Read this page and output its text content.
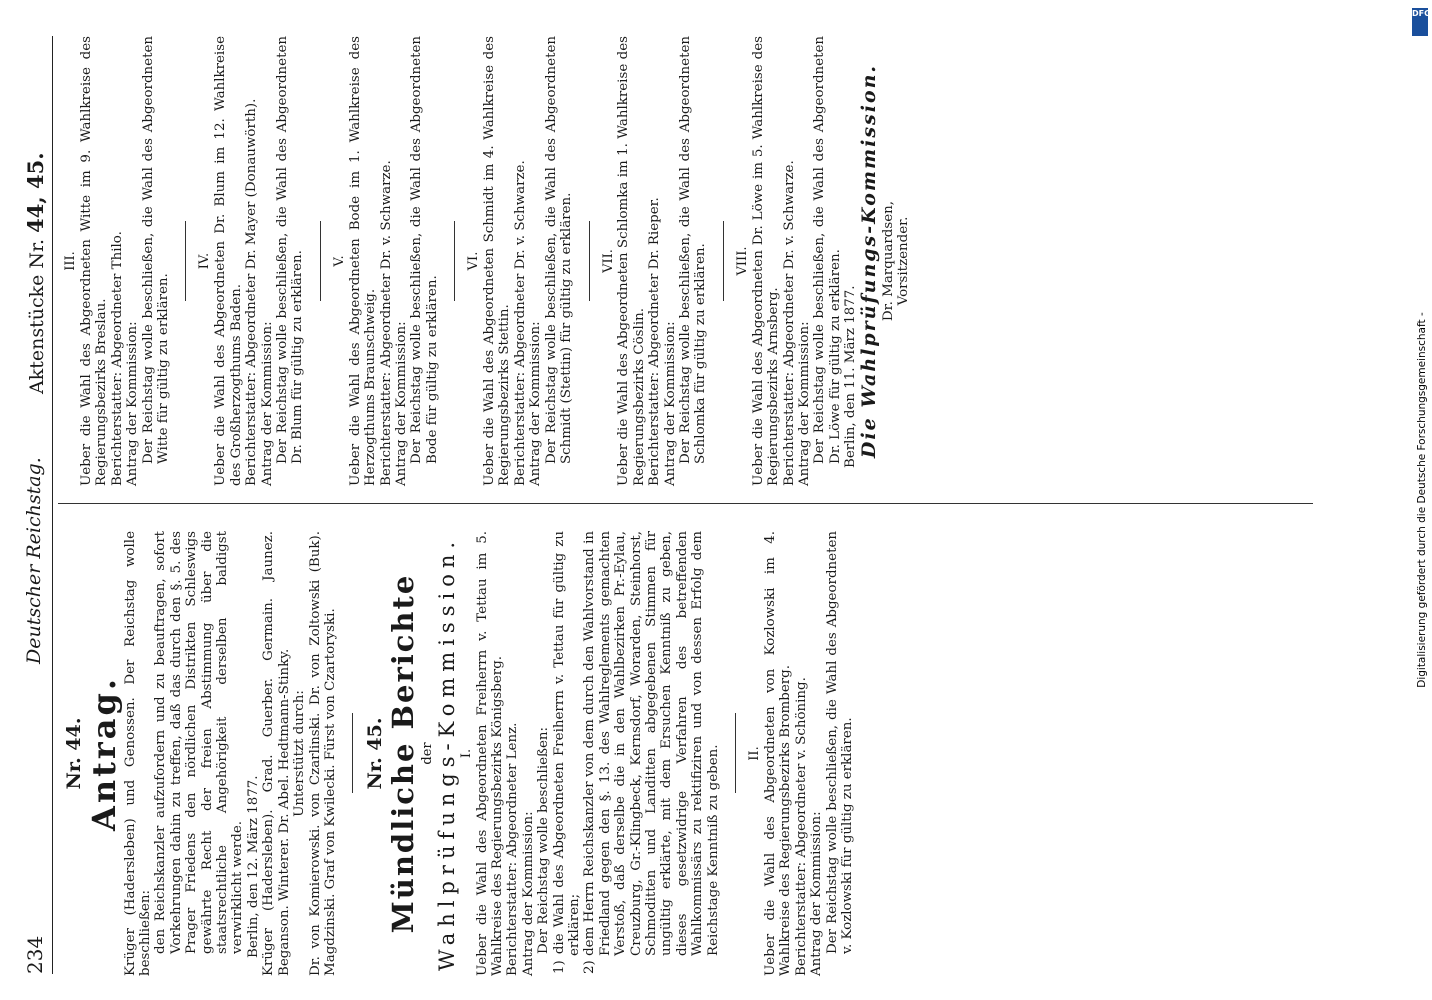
234
Deutscher Reichstag.
Aktenstücke Nr. 44, 45.

Nr. 44. Antrag. Krüger (Hadersleben) und Genossen. Der Reichstag wolle beschließen: den Reichskanzler aufzufordern und zu beauftragen, sofort Vorkehrungen dahin zu treffen, daß das durch den §. 5. des Prager Friedens den nördlichen Distrikten Schleswigs gewährte Recht der freien Abstimmung über die staatsrechtliche Angehörigkeit derselben baldigst verwirklicht werde. Berlin, den 12. März 1877. Krüger (Hadersleben). Grad. Guerber. Germain. Jaunez. Beganson. Winterer. Dr. Abel. Hedtmann-Stinky. Unterstützt durch: Dr. von Komierowski. von Czarlinski. Dr. von Zoltowski (Buk). Magdzinski. Graf von Kwilecki. Fürst von Czartoryski. Nr. 45. Mündliche Berichte der Wahlprüfungs-Kommission. I. Ueber die Wahl des Abgeordneten Freiherrn v. Tettau im 5. Wahlkreise des Regierungsbezirks Königsberg. Berichterstatter: Abgeordneter Lenz. Antrag der Kommission: Der Reichstag wolle beschließen: 1) die Wahl des Abgeordneten Freiherrn v. Tettau für gültig zu erklären; 2) dem Herrn Reichskanzler von dem durch den Wahlvorstand in Friedland gegen den §. 13. des Wahlreglements gemachten Verstoß, daß derselbe die in den Wahlbezirken Pr.-Eylau, Creuzburg, Gr.-Klingbeck, Kernsdorf, Worarden, Steinhorst, Schmoditten und Landitten abgegebenen Stimmen für ungültig erklärte, mit dem Ersuchen Kenntniß zu geben, dieses gesetzwidrige Verfahren des betreffenden Wahlkommissärs zu rektifiziren und von dessen Erfolg dem Reichstage Kenntniß zu geben. II. Ueber die Wahl des Abgeordneten von Kozlowski im 4. Wahlkreise des Regierungsbezirks Bromberg. Berichterstatter: Abgeordneter v. Schöning. Antrag der Kommission: Der Reichstag wolle beschließen, die Wahl des Abgeordneten v. Kozlowski für gültig zu erklären.

III. Ueber die Wahl des Abgeordneten Witte im 9. Wahlkreise des Regierungsbezirks Breslau. Berichterstatter: Abgeordneter Thilo. Antrag der Kommission: Der Reichstag wolle beschließen, die Wahl des Abgeordneten Witte für gültig zu erklären.

IV. Ueber die Wahl des Abgeordneten Dr. Blum im 12. Wahlkreise des Großherzogthums Baden. Berichterstatter: Abgeordneter Dr. Mayer (Donauwörth). Antrag der Kommission: Der Reichstag wolle beschließen, die Wahl des Abgeordneten Dr. Blum für gültig zu erklären. V. Ueber die Wahl des Abgeordneten Bode im 1. Wahlkreise des Herzogthums Braunschweig. Berichterstatter: Abgeordneter Dr. v. Schwarze. Antrag der Kommission: Der Reichstag wolle beschließen, die Wahl des Abgeordneten Bode für gültig zu erklären.

VI. Ueber die Wahl des Abgeordneten Schmidt im 4. Wahlkreise des Regierungsbezirks Stettin. Berichterstatter: Abgeordneter Dr. v. Schwarze. Antrag der Kommission: Der Reichstag wolle beschließen, die Wahl des Abgeordneten Schmidt (Stettin) für gültig zu erklären. VII. Ueber die Wahl des Abgeordneten Schlomka im 1. Wahlkreise des Regierungsbezirks Cöslin. Berichterstatter: Abgeordneter Dr. Rieper. Antrag der Kommission: Der Reichstag wolle beschließen, die Wahl des Abgeordneten Schlomka für gültig zu erklären. VIII. Ueber die Wahl des Abgeordneten Dr. Löwe im 5. Wahlkreise des Regierungsbezirks Arnsberg. Berichterstatter: Abgeordneter Dr. v. Schwarze. Antrag der Kommission: Der Reichstag wolle beschließen, die Wahl des Abgeordneten Dr. Löwe für gültig zu erklären. Berlin, den 11. März 1877. Die Wahlprüfungs-Kommission. Dr. Marquardsen, Vorsitzender.

Digitalisierung gefördert durch die Deutsche Forschungsgemeinschaft -
DFG
